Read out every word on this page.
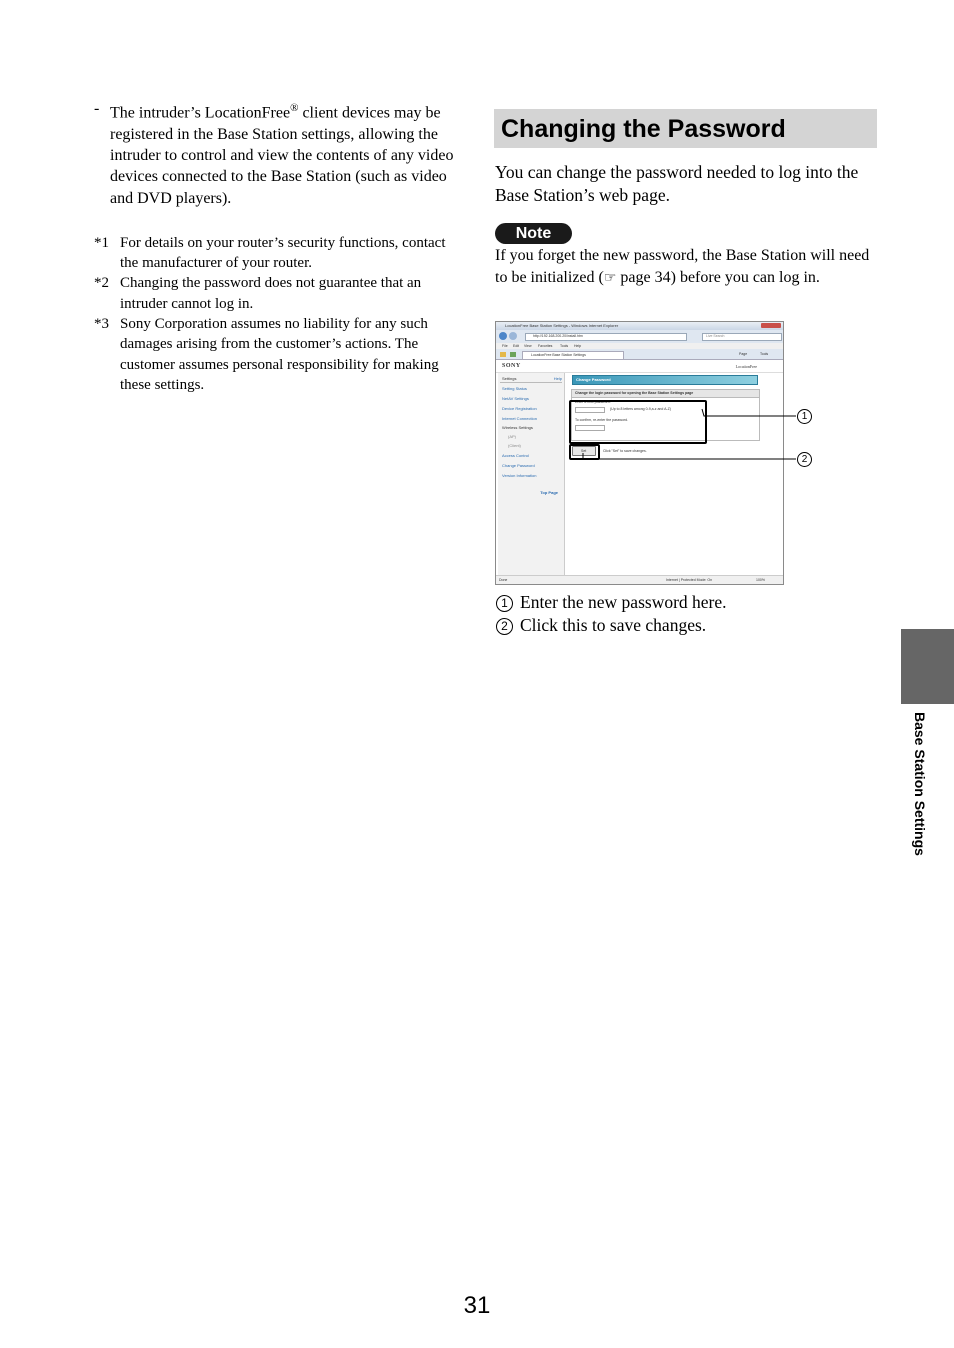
- The intruder’s LocationFree® client devices may be registered in the Base Station settings, allowing the intruder to control and view the contents of any video devices connected to the Base Station (such as video and DVD players).
*1 For details on your router’s security functions, contact the manufacturer of your router.
*2 Changing the password does not guarantee that an intruder cannot log in.
*3 Sony Corporation assumes no liability for any such damages arising from the customer’s actions. The customer assumes personal responsibility for making these settings.
Changing the Password
You can change the password needed to log into the Base Station’s web page.
Note
If you forget the new password, the Base Station will need to be initialized (☞ page 34) before you can log in.
LocationFree Base Station Settings - Windows Internet Explorer
http://192.168.200.20/install.htm	Live Search
File Edit View Favorites Tools Help
LocationFree Base Station Settings	Page	Tools
SONY	LocationFree
Settings	Help
Setting Status
NetAV Settings
Device Registration
Internet Connection
Wireless Settings
(AP)
(Client)
Access Control
Change Password
Version Information
Top Page
Change Password
Change the login password for opening the Base Station Settings page
Enter a new password.
(Up to 8 letters among 0-9,a-z and A-Z)
To confirm, re-enter the password.
Set	Click "Set" to save changes.
Done	Internet | Protected Mode: On	100%
1
2
1 Enter the new password here.
2 Click this to save changes.
Base Station Settings
31
